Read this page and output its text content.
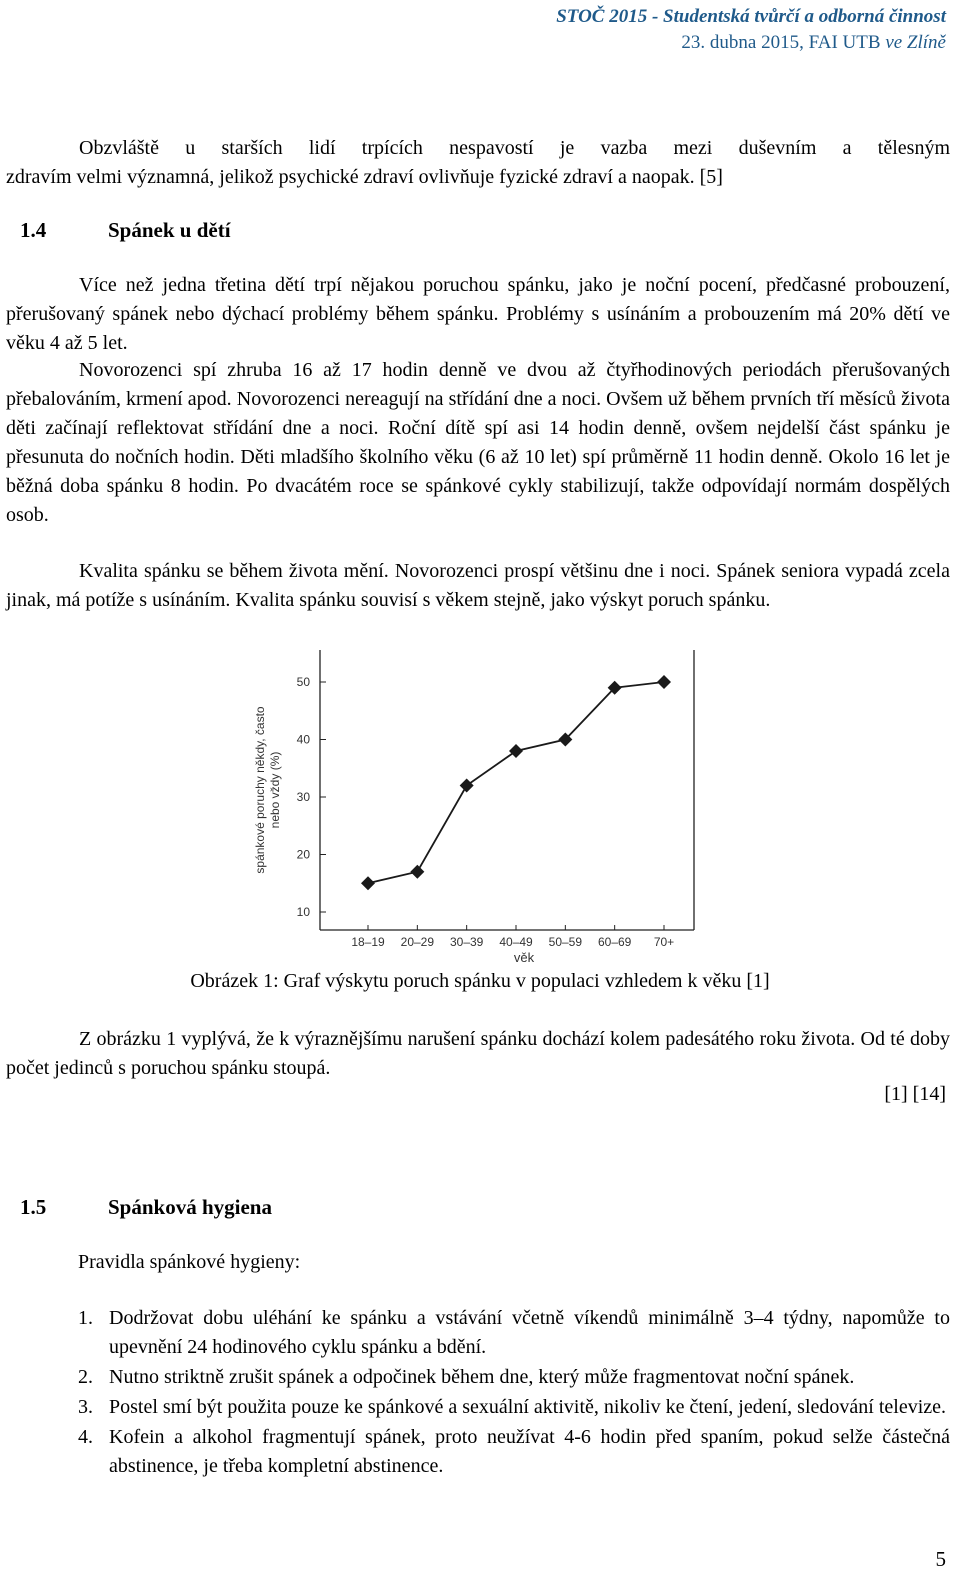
STOČ 2015 - Studentská tvůrčí a odborná činnost
23. dubna 2015, FAI UTB ve Zlíně
Obzvláště u starších lidí trpících nespavostí je vazba mezi duševním a tělesným
zdravím velmi významná, jelikož psychické zdraví ovlivňuje fyzické zdraví a naopak. [5]
1.4	Spánek u dětí
Více než jedna třetina dětí trpí nějakou poruchou spánku, jako je noční pocení, předčasné probouzení, přerušovaný spánek nebo dýchací problémy během spánku. Problémy s usínáním a probouzením má 20% dětí ve věku 4 až 5 let.
Novorozenci spí zhruba 16 až 17 hodin denně ve dvou až čtyřhodinových periodách přerušovaných přebalováním, krmení apod. Novorozenci nereagují na střídání dne a noci. Ovšem už během prvních tří měsíců života děti začínají reflektovat střídání dne a noci. Roční dítě spí asi 14 hodin denně, ovšem nejdelší část spánku je přesunuta do nočních hodin. Děti mladšího školního věku (6 až 10 let) spí průměrně 11 hodin denně. Okolo 16 let je běžná doba spánku 8 hodin. Po dvacátém roce se spánkové cykly stabilizují, takže odpovídají normám dospělých osob.
Kvalita spánku se během života mění. Novorozenci prospí většinu dne i noci. Spánek seniora vypadá zcela jinak, má potíže s usínáním. Kvalita spánku souvisí s věkem stejně, jako výskyt poruch spánku.
10
20
30
40
50
18–19 20–29 30–39 40–49 50–59 60–69 70+
věk
spánkové poruchy někdy, častonebo vždy (%)
Obrázek 1: Graf výskytu poruch spánku v populaci vzhledem k věku [1]
Z obrázku 1 vyplývá, že k výraznějšímu narušení spánku dochází kolem padesátého roku života. Od té doby počet jedinců s poruchou spánku stoupá.
[1] [14]
1.5	Spánková hygiena
Pravidla spánkové hygieny:
1. Dodržovat dobu uléhání ke spánku a vstávání včetně víkendů minimálně 3–4 týdny, napomůže to upevnění 24 hodinového cyklu spánku a bdění.
2. Nutno striktně zrušit spánek a odpočinek během dne, který může fragmentovat noční spánek.
3. Postel smí být použita pouze ke spánkové a sexuální aktivitě, nikoliv ke čtení, jedení, sledování televize.
4. Kofein a alkohol fragmentují spánek, proto neužívat 4-6 hodin před spaním, pokud selže částečná abstinence, je třeba kompletní abstinence.
5
